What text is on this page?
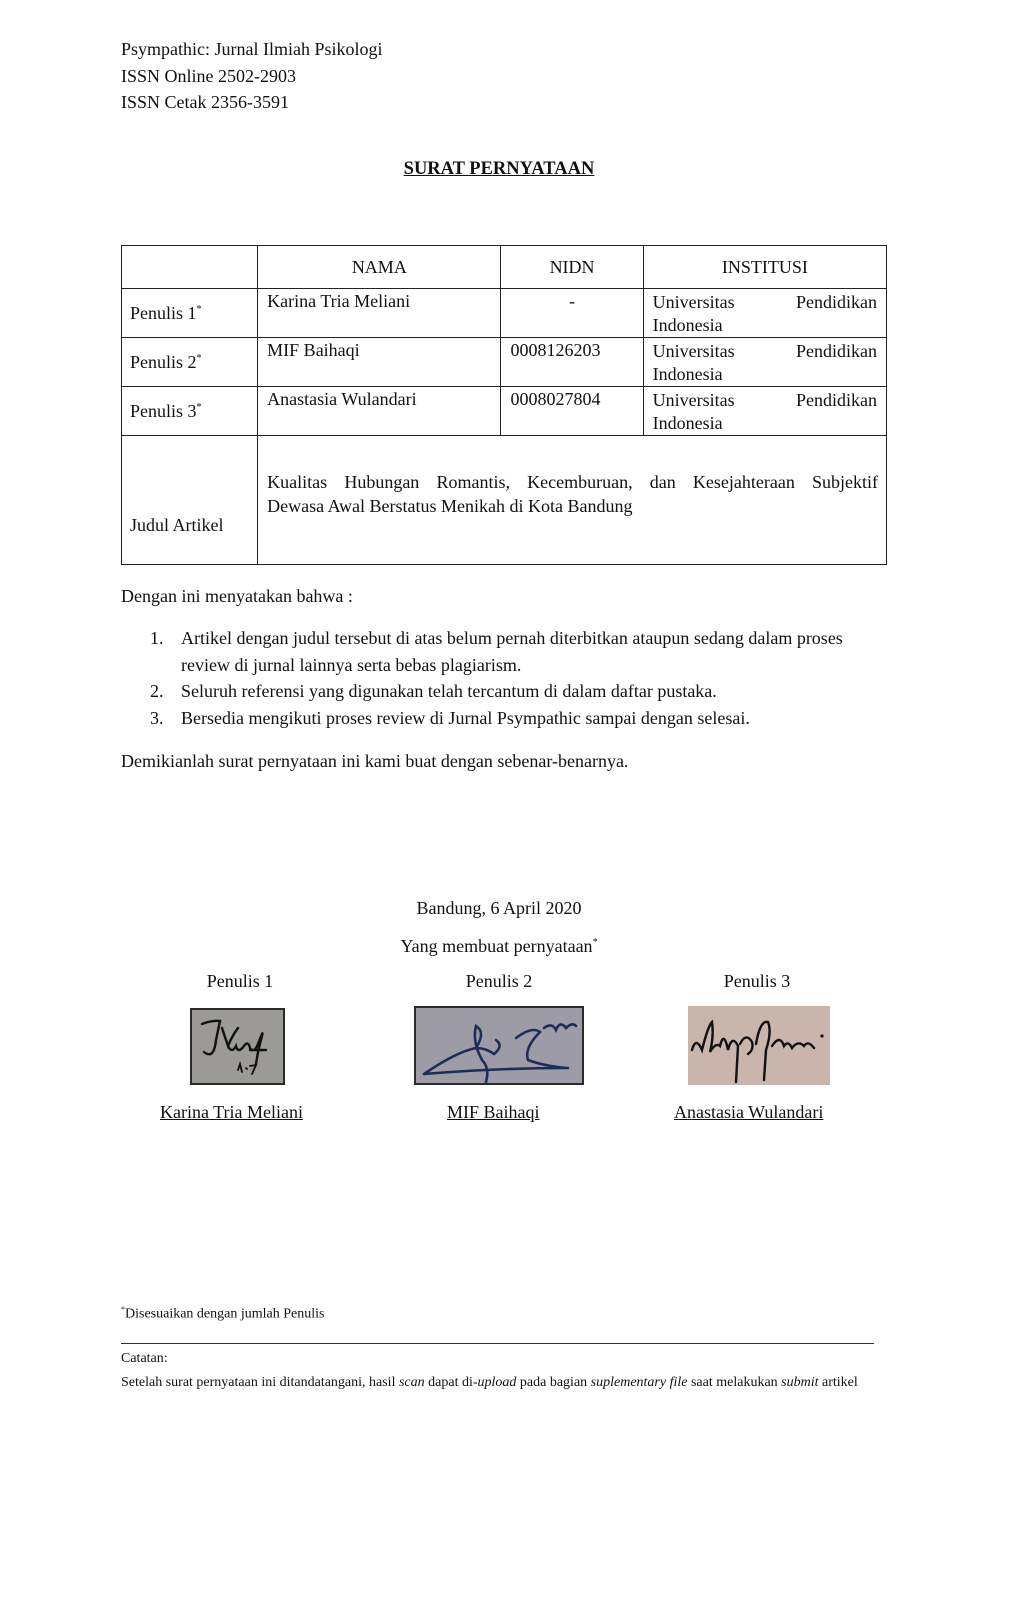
Psympathic: Jurnal Ilmiah Psikologi
ISSN Online 2502-2903
ISSN Cetak 2356-3591
SURAT PERNYATAAN
	NAMA	NIDN	INSTITUSI
Penulis 1*	Karina Tria Meliani	-	Universitas Pendidikan
Indonesia

Penulis 2*	MIF Baihaqi	0008126203	Universitas Pendidikan
Indonesia

Penulis 3*	Anastasia Wulandari	0008027804	Universitas Pendidikan
Indonesia

Judul Artikel	Kualitas Hubungan Romantis, Kecemburuan, dan Kesejahteraan Subjektif
Dewasa Awal Berstatus Menikah di Kota Bandung		
Dengan ini menyatakan bahwa :
1. Artikel dengan judul tersebut di atas belum pernah diterbitkan ataupun sedang dalam proses review di jurnal lainnya serta bebas plagiarism.
2. Seluruh referensi yang digunakan telah tercantum di dalam daftar pustaka.
3. Bersedia mengikuti proses review di Jurnal Psympathic sampai dengan selesai.
Demikianlah surat pernyataan ini kami buat dengan sebenar-benarnya.
Bandung, 6 April 2020
Yang membuat pernyataan*
Penulis 1
Karina Tria Meliani
Penulis 2
MIF Baihaqi
Penulis 3
Anastasia Wulandari
*Disesuaikan dengan jumlah Penulis
Catatan:
Setelah surat pernyataan ini ditandatangani, hasil scan dapat di-upload pada bagian suplementary file saat melakukan submit artikel
